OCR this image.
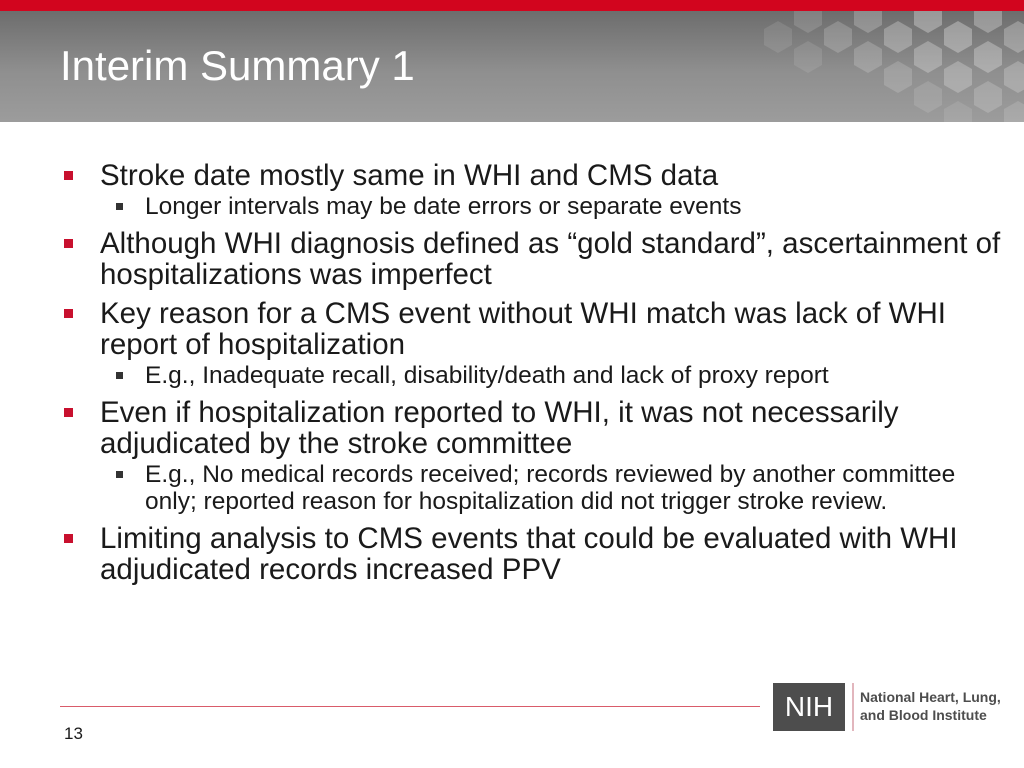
Interim Summary 1
Stroke date mostly same in WHI and CMS data
Longer intervals may be date errors or separate events
Although WHI diagnosis defined as “gold standard”, ascertainment of hospitalizations was imperfect
Key reason for a CMS event without WHI match was lack of WHI report of hospitalization
E.g., Inadequate recall, disability/death and lack of proxy report
Even if hospitalization reported to WHI, it was not necessarily adjudicated by the stroke committee
E.g., No medical records received; records reviewed by another committee only; reported reason for hospitalization did not trigger stroke review.
Limiting analysis to CMS events that could be evaluated with WHI adjudicated records increased PPV
13
NIH	National Heart, Lung,
and Blood Institute
